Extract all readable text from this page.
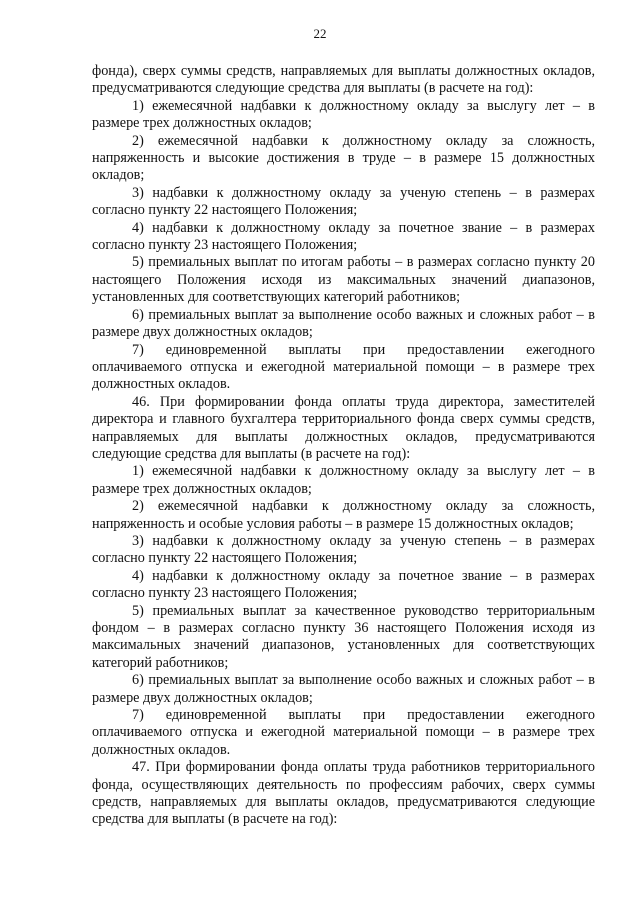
22

фонда), сверх суммы средств, направляемых для выплаты должностных окладов, предусматриваются следующие средства для выплаты (в расчете на год):

1) ежемесячной надбавки к должностному окладу за выслугу лет – в размере трех должностных окладов;

2) ежемесячной надбавки к должностному окладу за сложность, напряженность и высокие достижения в труде – в размере 15 должностных окладов;

3) надбавки к должностному окладу за ученую степень – в размерах согласно пункту 22 настоящего Положения;

4) надбавки к должностному окладу за почетное звание – в размерах согласно пункту 23 настоящего Положения;

5) премиальных выплат по итогам работы – в размерах согласно пункту 20 настоящего Положения исходя из максимальных значений диапазонов, установленных для соответствующих категорий работников;

6) премиальных выплат за выполнение особо важных и сложных работ – в размере двух должностных окладов;

7) единовременной выплаты при предоставлении ежегодного оплачиваемого отпуска и ежегодной материальной помощи – в размере трех должностных окладов.

46. При формировании фонда оплаты труда директора, заместителей директора и главного бухгалтера территориального фонда сверх суммы средств, направляемых для выплаты должностных окладов, предусматриваются следующие средства для выплаты (в расчете на год):

1) ежемесячной надбавки к должностному окладу за выслугу лет – в размере трех должностных окладов;

2) ежемесячной надбавки к должностному окладу за сложность, напряженность и особые условия работы – в размере 15 должностных окладов;

3) надбавки к должностному окладу за ученую степень – в размерах согласно пункту 22 настоящего Положения;

4) надбавки к должностному окладу за почетное звание – в размерах согласно пункту 23 настоящего Положения;

5) премиальных выплат за качественное руководство территориальным фондом – в размерах согласно пункту 36 настоящего Положения исходя из максимальных значений диапазонов, установленных для соответствующих категорий работников;

6) премиальных выплат за выполнение особо важных и сложных работ – в размере двух должностных окладов;

7) единовременной выплаты при предоставлении ежегодного оплачиваемого отпуска и ежегодной материальной помощи – в размере трех должностных окладов.

47. При формировании фонда оплаты труда работников территориального фонда, осуществляющих деятельность по профессиям рабочих, сверх суммы средств, направляемых для выплаты окладов, предусматриваются следующие средства для выплаты (в расчете на год):
